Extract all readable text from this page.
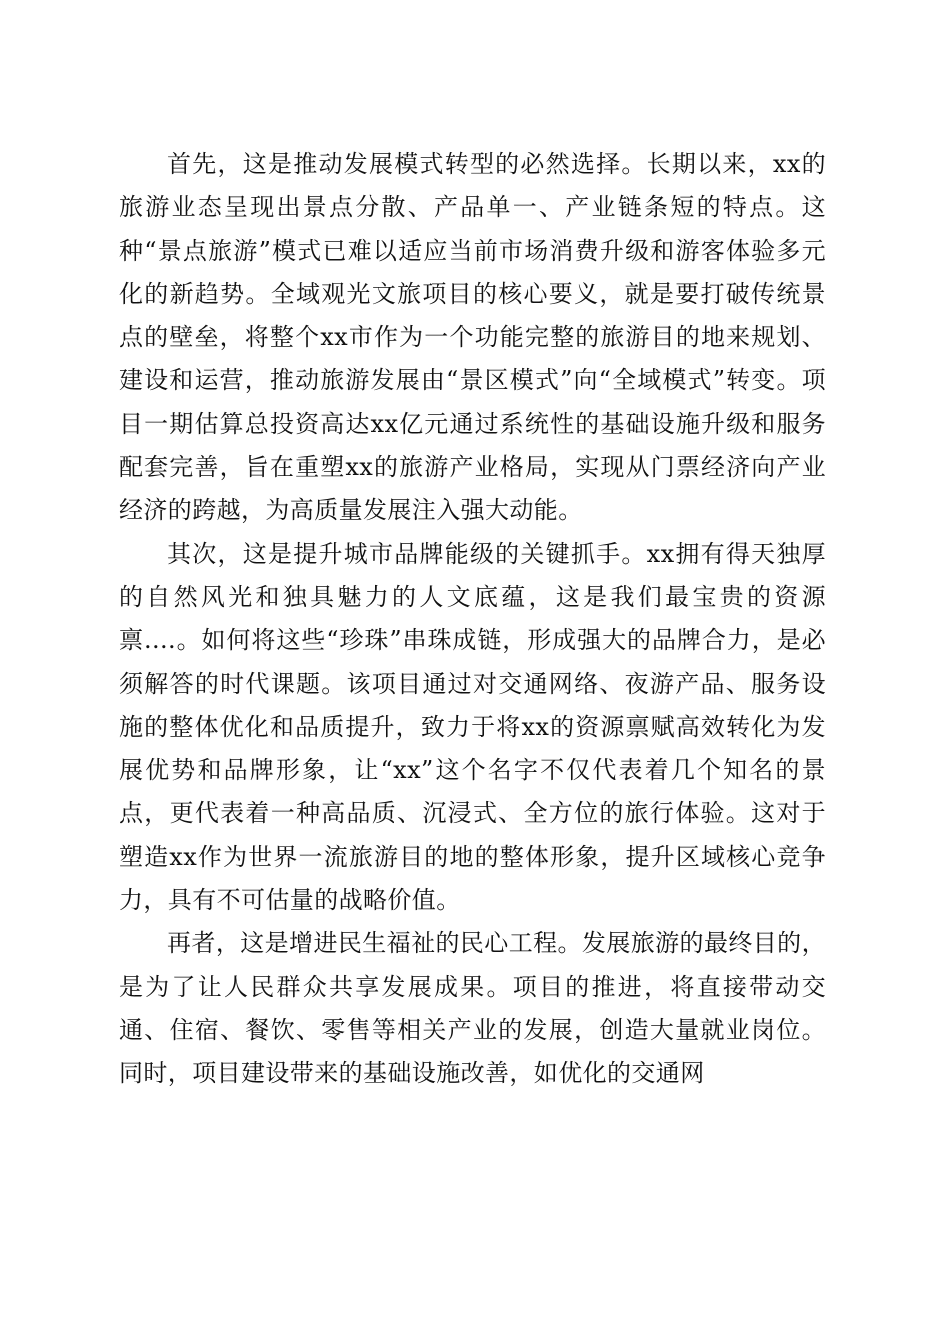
首先，这是推动发展模式转型的必然选择。长期以来，xx的旅游业态呈现出景点分散、产品单一、产业链条短的特点。这种“景点旅游”模式已难以适应当前市场消费升级和游客体验多元化的新趋势。全域观光文旅项目的核心要义，就是要打破传统景点的壁垒，将整个xx市作为一个功能完整的旅游目的地来规划、建设和运营，推动旅游发展由“景区模式”向“全域模式”转变。项目一期估算总投资高达xx亿元通过系统性的基础设施升级和服务配套完善，旨在重塑xx的旅游产业格局，实现从门票经济向产业经济的跨越，为高质量发展注入强大动能。

其次，这是提升城市品牌能级的关键抓手。xx拥有得天独厚的自然风光和独具魅力的人文底蕴，这是我们最宝贵的资源禀....。如何将这些“珍珠”串珠成链，形成强大的品牌合力，是必须解答的时代课题。该项目通过对交通网络、夜游产品、服务设施的整体优化和品质提升，致力于将xx的资源禀赋高效转化为发展优势和品牌形象，让“xx”这个名字不仅代表着几个知名的景点，更代表着一种高品质、沉浸式、全方位的旅行体验。这对于塑造xx作为世界一流旅游目的地的整体形象，提升区域核心竞争力，具有不可估量的战略价值。

再者，这是增进民生福祉的民心工程。发展旅游的最终目的，是为了让人民群众共享发展成果。项目的推进，将直接带动交通、住宿、餐饮、零售等相关产业的发展，创造大量就业岗位。同时，项目建设带来的基础设施改善，如优化的交通网
